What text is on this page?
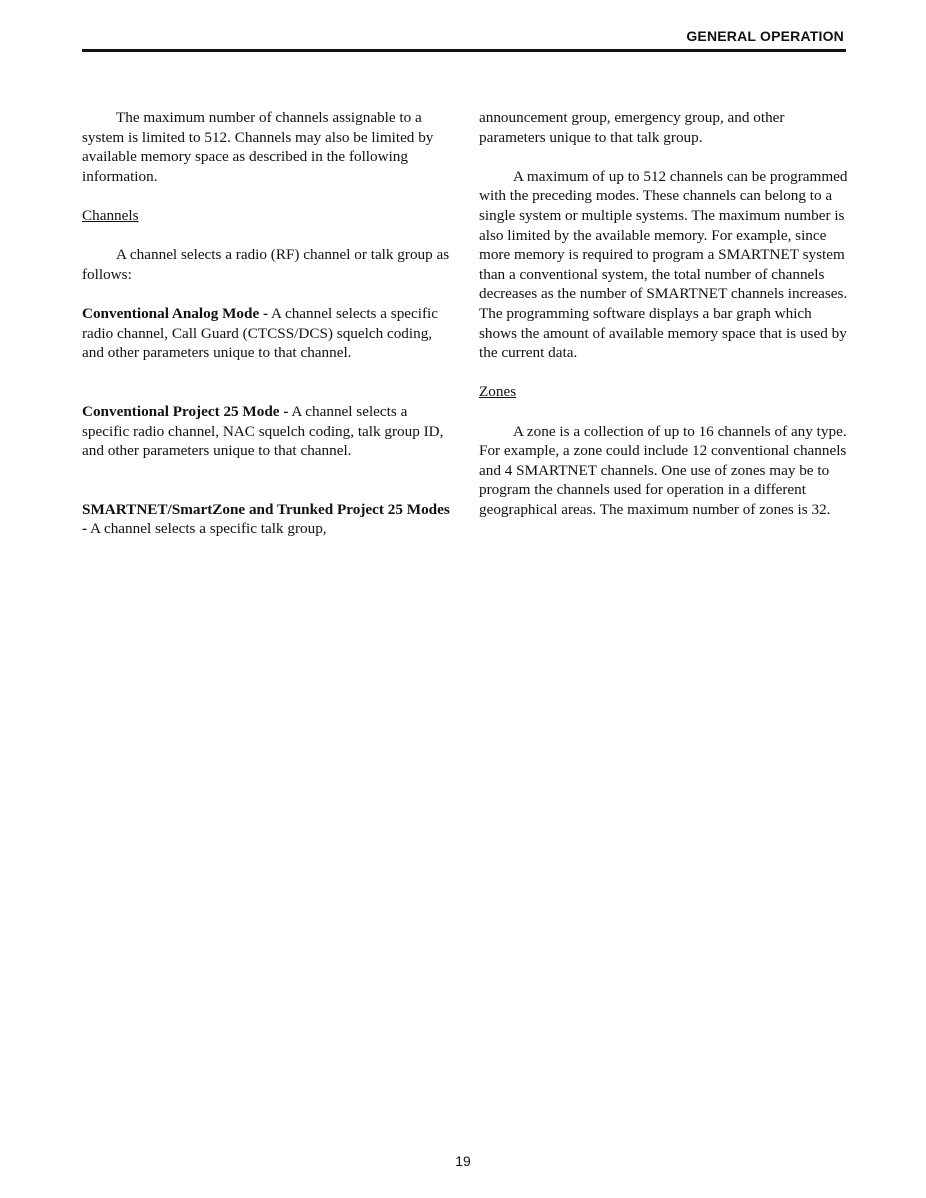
GENERAL OPERATION

The maximum number of channels assignable to a system is limited to 512. Channels may also be limited by available memory space as described in the following information.

Channels

A channel selects a radio (RF) channel or talk group as follows:

Conventional Analog Mode - A channel selects a specific radio channel, Call Guard (CTCSS/DCS) squelch coding, and other parameters unique to that channel.

Conventional Project 25 Mode - A channel selects a specific radio channel, NAC squelch coding, talk group ID, and other parameters unique to that channel.

SMARTNET/SmartZone and Trunked Project 25 Modes - A channel selects a specific talk group,

announcement group, emergency group, and other parameters unique to that talk group.

A maximum of up to 512 channels can be programmed with the preceding modes. These channels can belong to a single system or multiple systems. The maximum number is also limited by the available memory. For example, since more memory is required to program a SMARTNET system than a conventional system, the total number of channels decreases as the number of SMARTNET channels increases. The programming software displays a bar graph which shows the amount of available memory space that is used by the current data.

Zones

A zone is a collection of up to 16 channels of any type. For example, a zone could include 12 conventional channels and 4 SMARTNET channels. One use of zones may be to program the channels used for operation in a different geographical areas. The maximum number of zones is 32.

19
